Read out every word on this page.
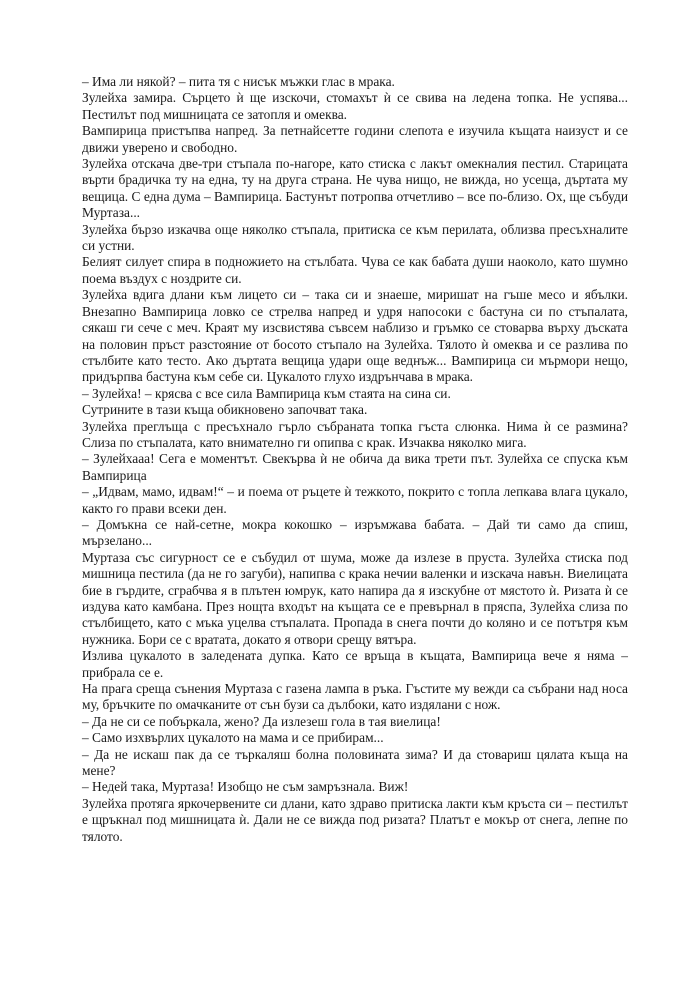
– Има ли някой? – пита тя с нисък мъжки глас в мрака.

Зулейха замира. Сърцето ѝ ще изскочи, стомахът ѝ се свива на ледена топка. Не успява... Пестилът под мишницата се затопля и омеква.

Вампирица пристъпва напред. За петнайсетте години слепота е изучила къщата наизуст и се движи уверено и свободно.

Зулейха отскача две-три стъпала по-нагоре, като стиска с лакът омекналия пестил. Старицата върти брадичка ту на една, ту на друга страна. Не чува нищо, не вижда, но усеща, дъртата му вещица. С една дума – Вампирица. Бастунът потропва отчетливо – все по-близо. Ох, ще събуди Муртаза...

Зулейха бързо изкачва още няколко стъпала, притиска се към перилата, облизва пресъхналите си устни.

Белият силует спира в подножието на стълбата. Чува се как бабата души наоколо, като шумно поема въздух с ноздрите си.

Зулейха вдига длани към лицето си – така си и знаеше, миришат на гъше месо и ябълки. Внезапно Вампирица ловко се стрелва напред и удря напосоки с бастуна си по стъпалата, сякаш ги сече с меч. Краят му изсвистява съвсем наблизо и гръмко се стоварва върху дъската на половин пръст разстояние от босото стъпало на Зулейха. Тялото ѝ омеква и се разлива по стълбите като тесто. Ако дъртата вещица удари още веднъж... Вампирица си мърмори нещо, придърпва бастуна към себе си. Цукалото глухо издрънчава в мрака.

– Зулейха! – крясва с все сила Вампирица към стаята на сина си.

Сутрините в тази къща обикновено започват така.

Зулейха преглъща с пресъхнало гърло събраната топка гъста слюнка. Нима ѝ се размина? Слиза по стъпалата, като внимателно ги опипва с крак. Изчаква няколко мига.

– Зулейхааа! Сега е моментът. Свекърва ѝ не обича да вика трети път. Зулейха се спуска към Вампирица

– „Идвам, мамо, идвам!“ – и поема от ръцете ѝ тежкото, покрито с топла лепкава влага цукало, както го прави всеки ден.

– Домъкна се най-сетне, мокра кокошко – изръмжава бабата. – Дай ти само да спиш, мързелано...

Муртаза със сигурност се е събудил от шума, може да излезе в пруста. Зулейха стиска под мишница пестила (да не го загуби), напипва с крака нечии валенки и изскача навън. Виелицата бие в гърдите, сграбчва я в плътен юмрук, като напира да я изскубне от мястото ѝ. Ризата ѝ се издува като камбана. През нощта входът на къщата се е превърнал в пряспа, Зулейха слиза по стълбището, като с мъка уцелва стъпалата. Пропада в снега почти до коляно и се потътря към нужника. Бори се с вратата, докато я отвори срещу вятъра.

Излива цукалото в заледената дупка. Като се връща в къщата, Вампирица вече я няма – прибрала се е.

На прага среща сънения Муртаза с газена лампа в ръка. Гъстите му вежди са събрани над носа му, бръчките по омачканите от сън бузи са дълбоки, като издялани с нож.

– Да не си се побъркала, жено? Да излезеш гола в тая виелица!

– Само изхвърлих цукалото на мама и се прибирам...

– Да не искаш пак да се търкаляш болна половината зима? И да стовариш цялата къща на мене?

– Недей така, Муртаза! Изобщо не съм замръзнала. Виж!

Зулейха протяга яркочервените си длани, като здраво притиска лакти към кръста си – пестилът е щръкнал под мишницата ѝ. Дали не се вижда под ризата? Платът е мокър от снега, лепне по тялото.
